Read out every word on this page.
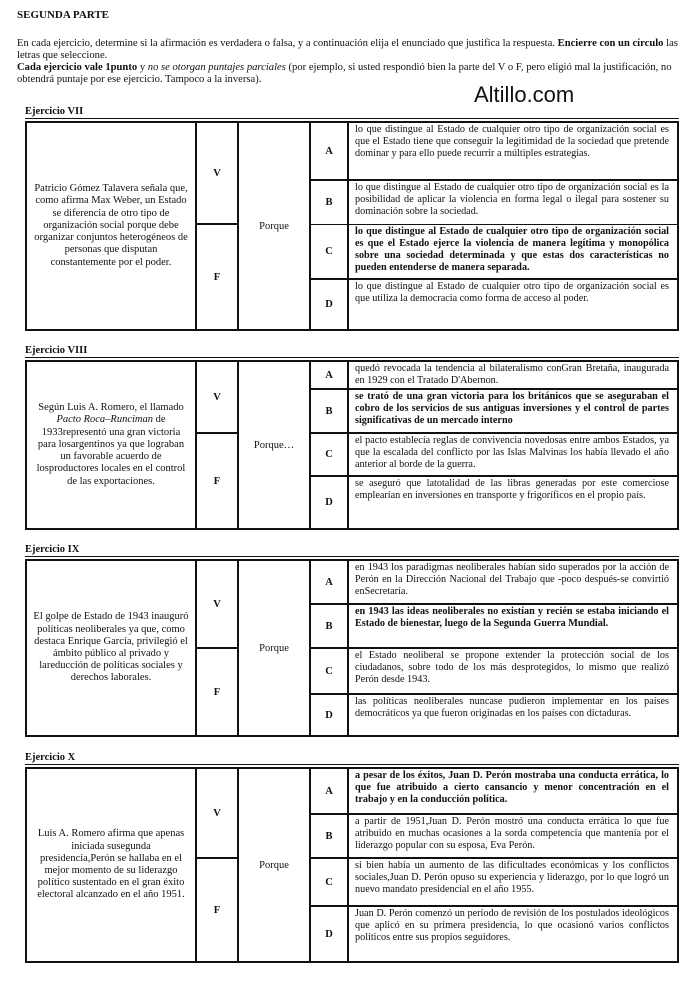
SEGUNDA PARTE
En cada ejercicio, determine si la afirmación es verdadera o falsa, y a continuación elija el enunciado que justifica la respuesta. Encierre con un círculo las letras que seleccione.
Cada ejercicio vale 1punto y no se otorgan puntajes parciales (por ejemplo, si usted respondió bien la parte del V o F, pero eligió mal la justificación, no obtendrá puntaje por ese ejercicio. Tampoco a la inversa).
Altillo.com
Ejercicio VII
Patricio Gómez Talavera señala que, como afirma Max Weber, un Estado se diferencia de otro tipo de organización social porque debe organizar conjuntos heterogéneos de personas que disputan constantemente por el poder.
V
F
Porque
A
lo que distingue al Estado de cualquier otro tipo de organización social es que el Estado tiene que conseguir la legitimidad de la sociedad que pretende dominar y para ello puede recurrir a múltiples estrategias.
B
lo que distingue al Estado de cualquier otro tipo de organización social es la posibilidad de aplicar la violencia en forma legal o ilegal para sostener su dominación sobre la sociedad.
C
lo que distingue al Estado de cualquier otro tipo de organización social es que el Estado ejerce la violencia de manera legítima y monopólica sobre una sociedad determinada y que estas dos características no pueden entenderse de manera separada.
D
lo que distingue al Estado de cualquier otro tipo de organización social es que utiliza la democracia como forma de acceso al poder.
Ejercicio VIII
Según Luis A. Romero, el llamado Pacto Roca–Runciman de 1933representó una gran victoria para losargentinos ya que lograban un favorable acuerdo de losproductores locales en el control de las exportaciones.
V
F
Porque…
A
quedó revocada la tendencia al bilateralismo conGran Bretaña, inaugurada en 1929 con el Tratado D'Abernon.
B
se trató de una gran victoria para los británicos que se aseguraban el cobro de los servicios de sus antiguas inversiones y el control de partes significativas de un mercado interno
C
el pacto establecía reglas de convivencia novedosas entre ambos Estados, ya que la escalada del conflicto por las Islas Malvinas los había llevado el año anterior al borde de la guerra.
D
se aseguró que latotalidad de las libras generadas por este comerciose emplearían en inversiones en transporte y frigoríficos en el propio país.
Ejercicio IX
El golpe de Estado de 1943 inauguró políticas neoliberales ya que, como destaca Enrique García, privilegió el ámbito público al privado y lareducción de políticas sociales y derechos laborales.
V
F
Porque
A
en 1943 los paradigmas neoliberales habían sido superados por la acción de Perón en la Dirección Nacional del Trabajo que -poco después-se convirtió enSecretaría.
B
en 1943 las ideas neoliberales no existían y recién se estaba iniciando el Estado de bienestar, luego de la Segunda Guerra Mundial.
C
el Estado neoliberal se propone extender la protección social de los ciudadanos, sobre todo de los más desprotegidos, lo mismo que realizó Perón desde 1943.
D
las políticas neoliberales nuncase pudieron implementar en los países democráticos ya que fueron originadas en los países con dictaduras.
Ejercicio X
Luis A. Romero afirma que apenas iniciada susegunda presidencia,Perón se hallaba en el mejor momento de su liderazgo político sustentado en el gran éxito electoral alcanzado en el año 1951.
V
F
Porque
A
a pesar de los éxitos, Juan D. Perón mostraba una conducta errática, lo que fue atribuido a cierto cansancio y menor concentración en el trabajo y en la conducción política.
B
a partir de 1951,Juan D. Perón mostró una conducta errática lo que fue atribuido en muchas ocasiones a la sorda competencia que mantenía por el liderazgo popular con su esposa, Eva Perón.
C
si bien había un aumento de las dificultades económicas y los conflictos sociales,Juan D. Perón opuso su experiencia y liderazgo, por lo que logró un nuevo mandato presidencial en el año 1955.
D
Juan D. Perón comenzó un período de revisión de los postulados ideológicos que aplicó en su primera presidencia, lo que ocasionó varios conflictos políticos entre sus propios seguidores.
